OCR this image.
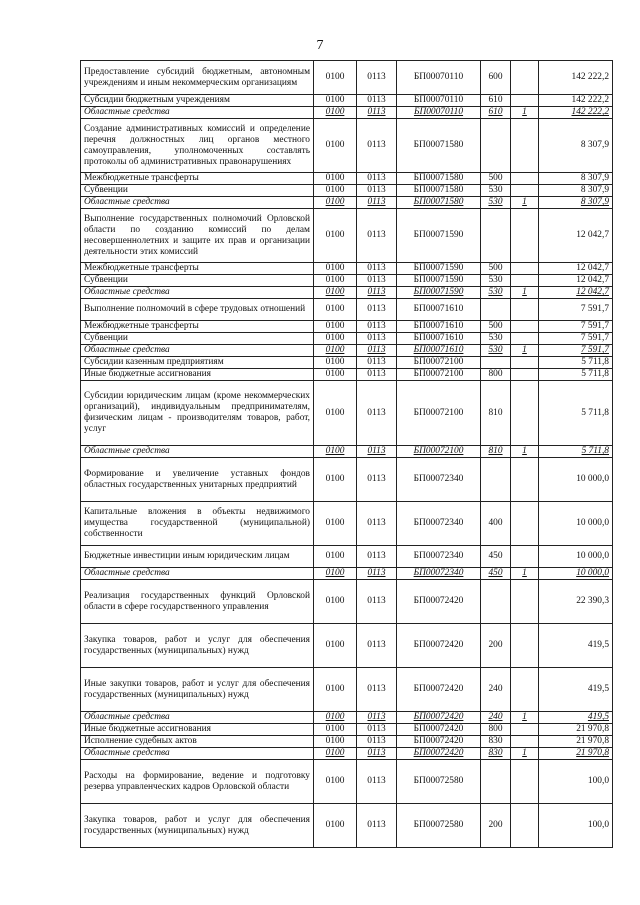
7
Предоставление субсидий бюджетным, автономным учреждениям и иным некоммерческим организациям	0100	0113	БП00070110	600		142 222,2
Субсидии бюджетным учреждениям	0100	0113	БП00070110	610		142 222,2
Областные средства	0100	0113	БП00070110	610	1	142 222,2
Создание административных комиссий и определение перечня должностных лиц органов местного самоуправления, уполномоченных составлять протоколы об административных правонарушениях	0100	0113	БП00071580			8 307,9
Межбюджетные трансферты	0100	0113	БП00071580	500		8 307,9
Субвенции	0100	0113	БП00071580	530		8 307,9
Областные средства	0100	0113	БП00071580	530	1	8 307,9
Выполнение государственных полномочий Орловской области по созданию комиссий по делам несовершеннолетних и защите их прав и организации деятельности этих комиссий	0100	0113	БП00071590			12 042,7
Межбюджетные трансферты	0100	0113	БП00071590	500		12 042,7
Субвенции	0100	0113	БП00071590	530		12 042,7
Областные средства	0100	0113	БП00071590	530	1	12 042,7
Выполнение полномочий в сфере трудовых отношений	0100	0113	БП00071610			7 591,7
Межбюджетные трансферты	0100	0113	БП00071610	500		7 591,7
Субвенции	0100	0113	БП00071610	530		7 591,7
Областные средства	0100	0113	БП00071610	530	1	7 591,7
Субсидии казенным предприятиям	0100	0113	БП00072100			5 711,8
Иные бюджетные ассигнования	0100	0113	БП00072100	800		5 711,8
Субсидии юридическим лицам (кроме некоммерческих организаций), индивидуальным предпринимателям, физическим лицам - производителям товаров, работ, услуг	0100	0113	БП00072100	810		5 711,8
Областные средства	0100	0113	БП00072100	810	1	5 711,8
Формирование и увеличение уставных фондов областных государственных унитарных предприятий	0100	0113	БП00072340			10 000,0
Капитальные вложения в объекты недвижимого имущества государственной (муниципальной) собственности	0100	0113	БП00072340	400		10 000,0
Бюджетные инвестиции иным юридическим лицам	0100	0113	БП00072340	450		10 000,0
Областные средства	0100	0113	БП00072340	450	1	10 000,0
Реализация государственных функций Орловской области в сфере государственного управления	0100	0113	БП00072420			22 390,3
Закупка товаров, работ и услуг для обеспечения государственных (муниципальных) нужд	0100	0113	БП00072420	200		419,5
Иные закупки товаров, работ и услуг для обеспечения государственных (муниципальных) нужд	0100	0113	БП00072420	240		419,5
Областные средства	0100	0113	БП00072420	240	1	419,5
Иные бюджетные ассигнования	0100	0113	БП00072420	800		21 970,8
Исполнение судебных актов	0100	0113	БП00072420	830		21 970,8
Областные средства	0100	0113	БП00072420	830	1	21 970,8
Расходы на формирование, ведение и подготовку резерва управленческих кадров Орловской области	0100	0113	БП00072580			100,0
Закупка товаров, работ и услуг для обеспечения государственных (муниципальных) нужд	0100	0113	БП00072580	200		100,0
